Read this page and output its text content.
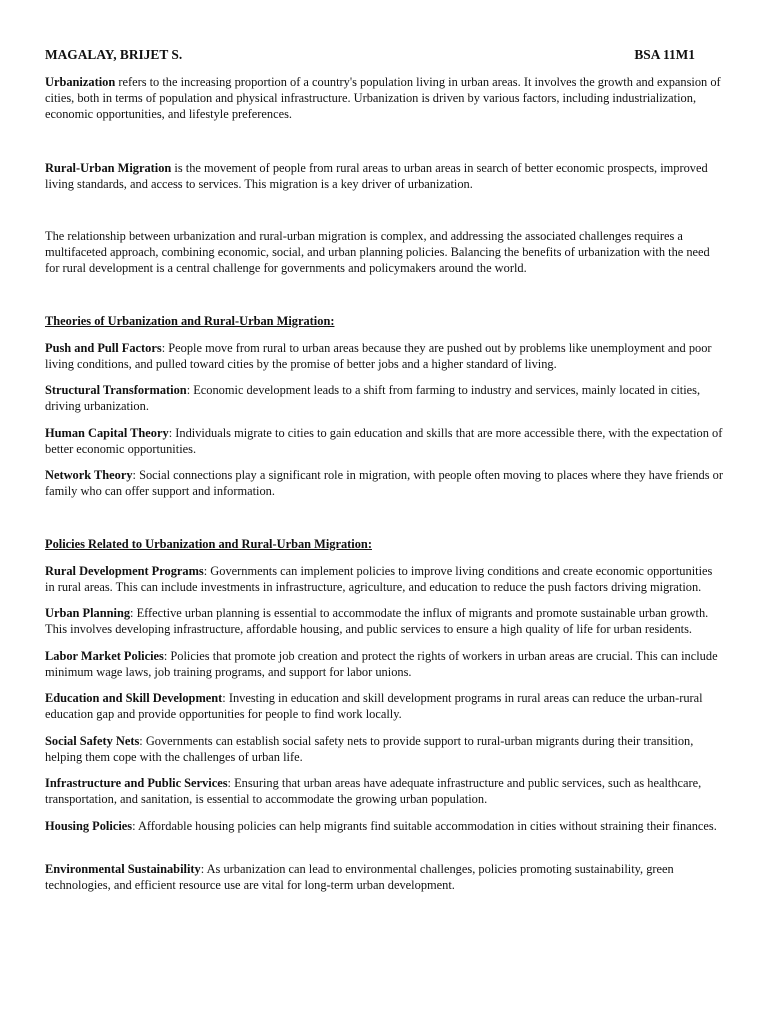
MAGALAY, BRIJET S.	BSA 11M1

Urbanization refers to the increasing proportion of a country's population living in urban areas. It involves the growth and expansion of cities, both in terms of population and physical infrastructure. Urbanization is driven by various factors, including industrialization, economic opportunities, and lifestyle preferences.

Rural-Urban Migration is the movement of people from rural areas to urban areas in search of better economic prospects, improved living standards, and access to services. This migration is a key driver of urbanization.

The relationship between urbanization and rural-urban migration is complex, and addressing the associated challenges requires a multifaceted approach, combining economic, social, and urban planning policies. Balancing the benefits of urbanization with the need for rural development is a central challenge for governments and policymakers around the world.

Theories of Urbanization and Rural-Urban Migration:

Push and Pull Factors: People move from rural to urban areas because they are pushed out by problems like unemployment and poor living conditions, and pulled toward cities by the promise of better jobs and a higher standard of living.

Structural Transformation: Economic development leads to a shift from farming to industry and services, mainly located in cities, driving urbanization.

Human Capital Theory: Individuals migrate to cities to gain education and skills that are more accessible there, with the expectation of better economic opportunities.

Network Theory: Social connections play a significant role in migration, with people often moving to places where they have friends or family who can offer support and information.

Policies Related to Urbanization and Rural-Urban Migration:

Rural Development Programs: Governments can implement policies to improve living conditions and create economic opportunities in rural areas. This can include investments in infrastructure, agriculture, and education to reduce the push factors driving migration.

Urban Planning: Effective urban planning is essential to accommodate the influx of migrants and promote sustainable urban growth. This involves developing infrastructure, affordable housing, and public services to ensure a high quality of life for urban residents.

Labor Market Policies: Policies that promote job creation and protect the rights of workers in urban areas are crucial. This can include minimum wage laws, job training programs, and support for labor unions.

Education and Skill Development: Investing in education and skill development programs in rural areas can reduce the urban-rural education gap and provide opportunities for people to find work locally.

Social Safety Nets: Governments can establish social safety nets to provide support to rural-urban migrants during their transition, helping them cope with the challenges of urban life.

Infrastructure and Public Services: Ensuring that urban areas have adequate infrastructure and public services, such as healthcare, transportation, and sanitation, is essential to accommodate the growing urban population.

Housing Policies: Affordable housing policies can help migrants find suitable accommodation in cities without straining their finances.

Environmental Sustainability: As urbanization can lead to environmental challenges, policies promoting sustainability, green technologies, and efficient resource use are vital for long-term urban development.
